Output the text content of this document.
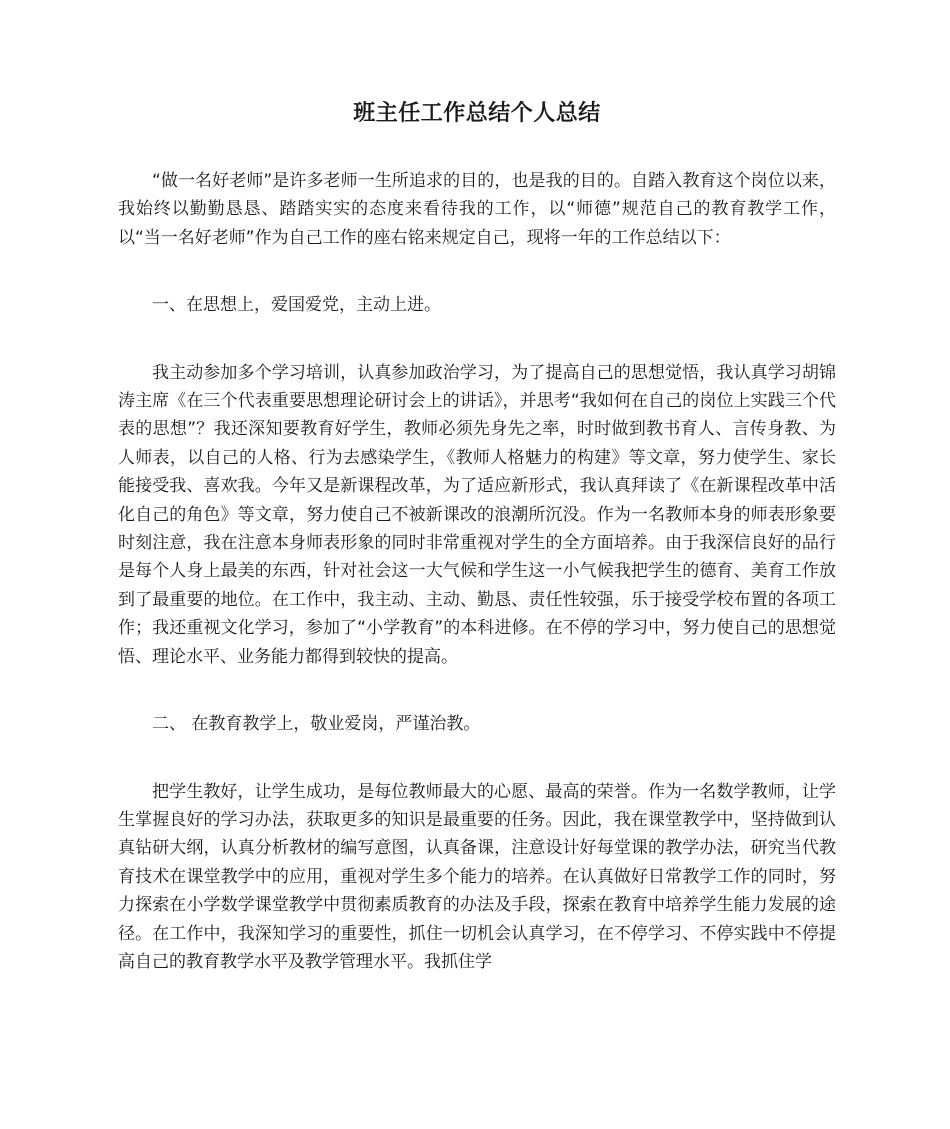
班主任工作总结个人总结

“做一名好老师”是许多老师一生所追求的目的，也是我的目的。自踏入教育这个岗位以来，我始终以勤勤恳恳、踏踏实实的态度来看待我的工作，以“师德”规范自己的教育教学工作，以“当一名好老师”作为自己工作的座右铭来规定自己，现将一年的工作总结以下：

一、在思想上，爱国爱党，主动上进。

我主动参加多个学习培训，认真参加政治学习，为了提高自己的思想觉悟，我认真学习胡锦涛主席《在三个代表重要思想理论研讨会上的讲话》，并思考“我如何在自己的岗位上实践三个代表的思想”？我还深知要教育好学生，教师必须先身先之率，时时做到教书育人、言传身教、为人师表，以自己的人格、行为去感染学生，《教师人格魅力的构建》等文章，努力使学生、家长能接受我、喜欢我。今年又是新课程改革，为了适应新形式，我认真拜读了《在新课程改革中活化自己的角色》等文章，努力使自己不被新课改的浪潮所沉没。作为一名教师本身的师表形象要时刻注意，我在注意本身师表形象的同时非常重视对学生的全方面培养。由于我深信良好的品行是每个人身上最美的东西，针对社会这一大气候和学生这一小气候我把学生的德育、美育工作放到了最重要的地位。在工作中，我主动、主动、勤恳、责任性较强，乐于接受学校布置的各项工作；我还重视文化学习，参加了“小学教育”的本科进修。在不停的学习中，努力使自己的思想觉悟、理论水平、业务能力都得到较快的提高。

二、 在教育教学上，敬业爱岗，严谨治教。

把学生教好，让学生成功，是每位教师最大的心愿、最高的荣誉。作为一名数学教师，让学生掌握良好的学习办法，获取更多的知识是最重要的任务。因此，我在课堂教学中，坚持做到认真钻研大纲，认真分析教材的编写意图，认真备课，注意设计好每堂课的教学办法，研究当代教育技术在课堂教学中的应用，重视对学生多个能力的培养。在认真做好日常教学工作的同时，努力探索在小学数学课堂教学中贯彻素质教育的办法及手段，探索在教育中培养学生能力发展的途径。在工作中，我深知学习的重要性，抓住一切机会认真学习，在不停学习、不停实践中不停提高自己的教育教学水平及教学管理水平。我抓住学
